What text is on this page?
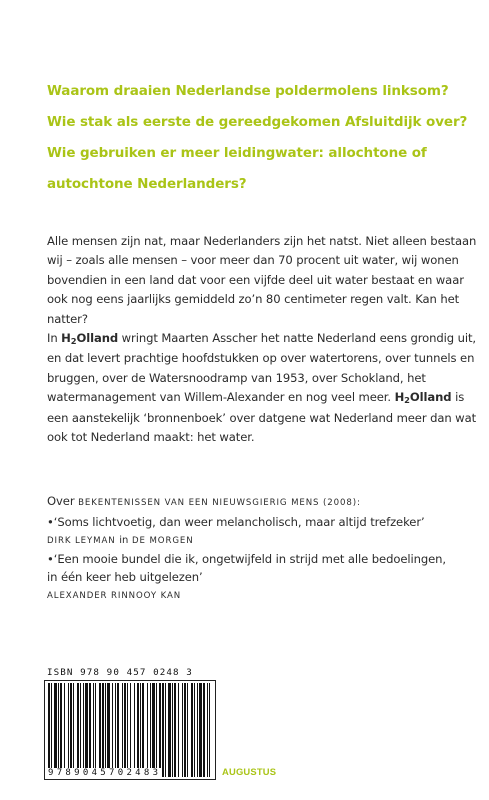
Waarom draaien Nederlandse poldermolens linksom?
Wie stak als eerste de gereedgekomen Afsluitdijk over?
Wie gebruiken er meer leidingwater: allochtone of
autochtone Nederlanders?

Alle mensen zijn nat, maar Nederlanders zijn het natst. Niet alleen bestaan wij – zoals alle mensen – voor meer dan 70 procent uit water, wij wonen bovendien in een land dat voor een vijfde deel uit water bestaat en waar ook nog eens jaarlijks gemiddeld zo’n 80 centimeter regen valt. Kan het natter?

In H2Olland wringt Maarten Asscher het natte Nederland eens grondig uit, en dat levert prachtige hoofdstukken op over watertorens, over tunnels en bruggen, over de Watersnoodramp van 1953, over Schokland, het watermanagement van Willem-Alexander en nog veel meer. H2Olland is een aanstekelijk ‘bronnenboek’ over datgene wat Nederland meer dan wat ook tot Nederland maakt: het water.

Over BEKENTENISSEN VAN EEN NIEUWSGIERIG MENS (2008):
•‘Soms lichtvoetig, dan weer melancholisch, maar altijd trefzeker’
DIRK LEYMAN in DE MORGEN
•‘Een mooie bundel die ik, ongetwijfeld in strijd met alle bedoelingen,
in één keer heb uitgelezen’
ALEXANDER RINNOOY KAN
ISBN 978 90 457 0248 3
9789045702483	AUGUSTUS
